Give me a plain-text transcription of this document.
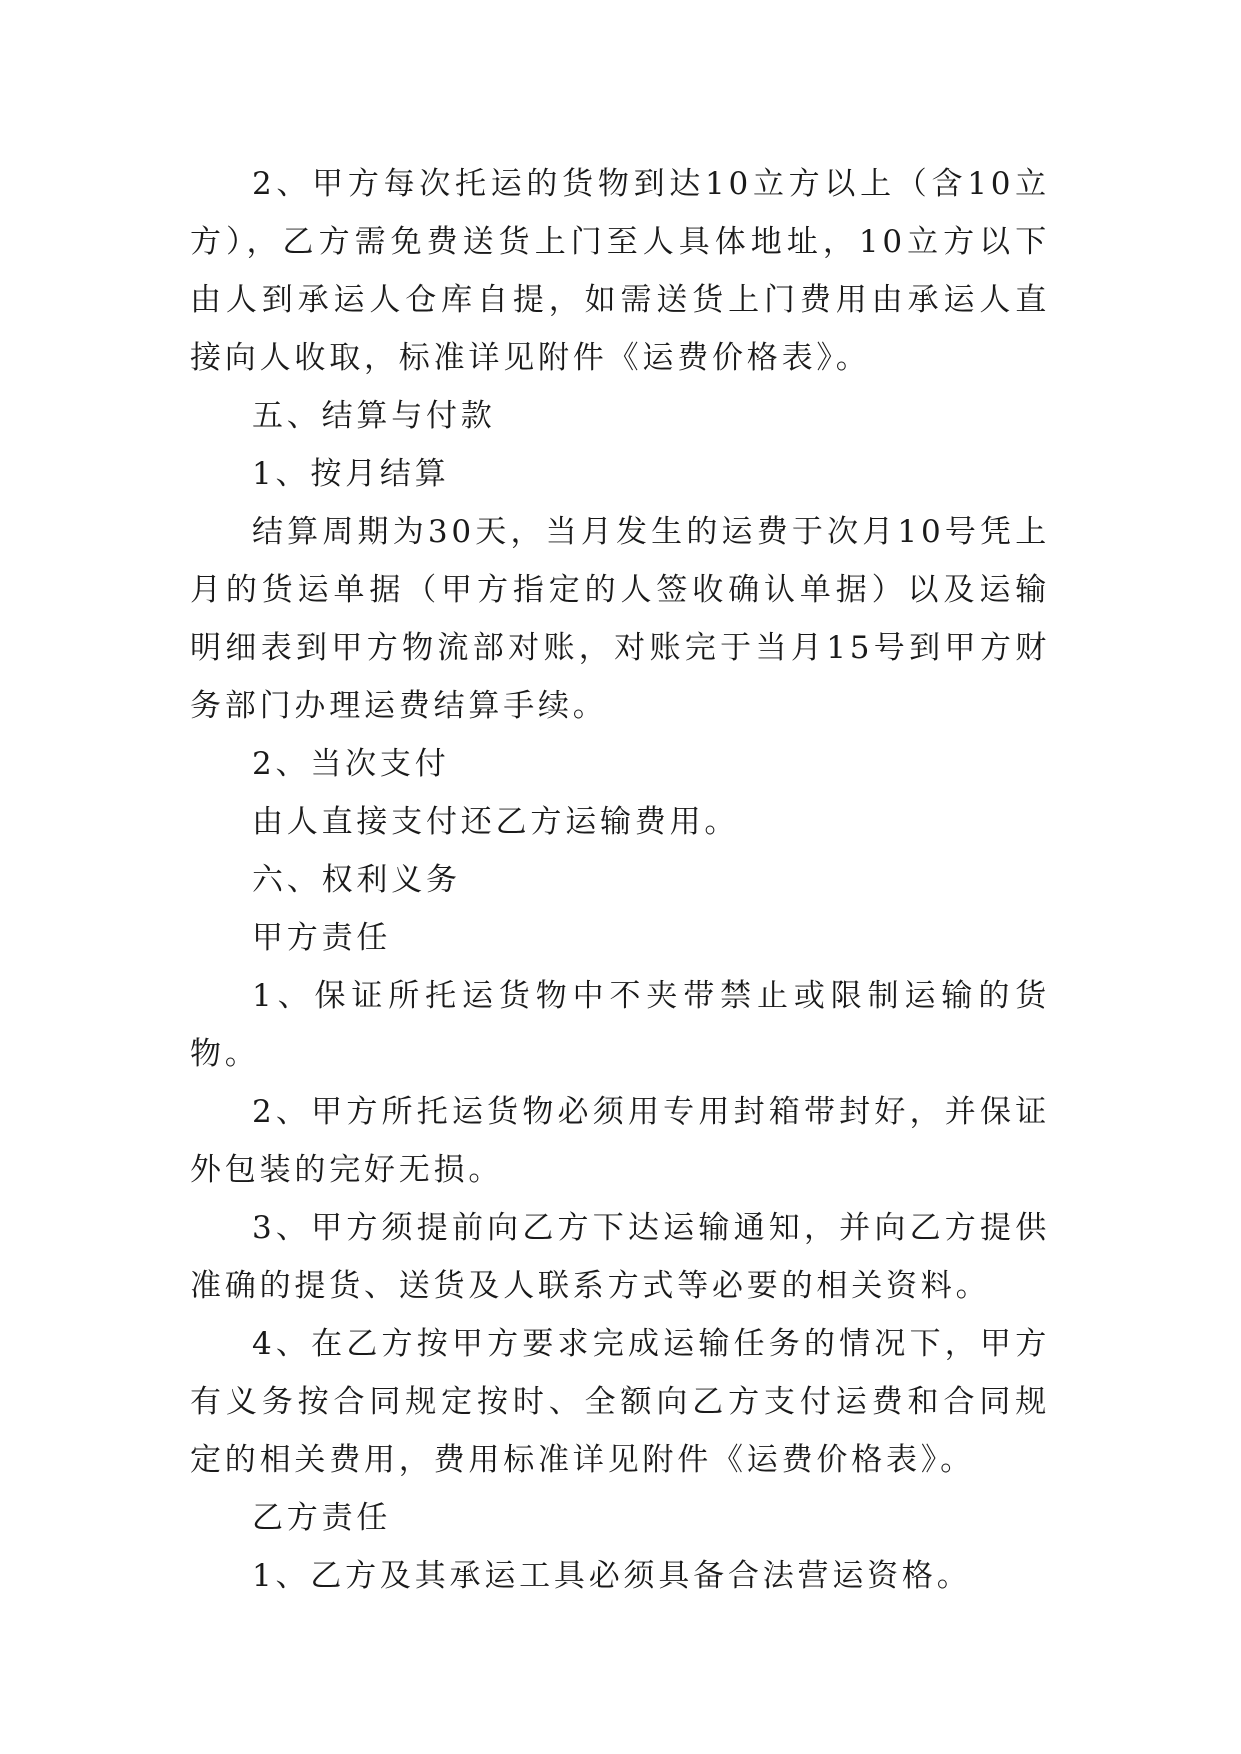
2、甲方每次托运的货物到达10立方以上（含10立方），乙方需免费送货上门至人具体地址，10立方以下由人到承运人仓库自提，如需送货上门费用由承运人直接向人收取，标准详见附件《运费价格表》。

五、结算与付款

1、按月结算

结算周期为30天，当月发生的运费于次月10号凭上月的货运单据（甲方指定的人签收确认单据）以及运输明细表到甲方物流部对账，对账完于当月15号到甲方财务部门办理运费结算手续。

2、当次支付

由人直接支付还乙方运输费用。

六、权利义务

甲方责任

1、保证所托运货物中不夹带禁止或限制运输的货物。

2、甲方所托运货物必须用专用封箱带封好，并保证外包装的完好无损。

3、甲方须提前向乙方下达运输通知，并向乙方提供准确的提货、送货及人联系方式等必要的相关资料。

4、在乙方按甲方要求完成运输任务的情况下，甲方有义务按合同规定按时、全额向乙方支付运费和合同规定的相关费用，费用标准详见附件《运费价格表》。

乙方责任

1、乙方及其承运工具必须具备合法营运资格。
